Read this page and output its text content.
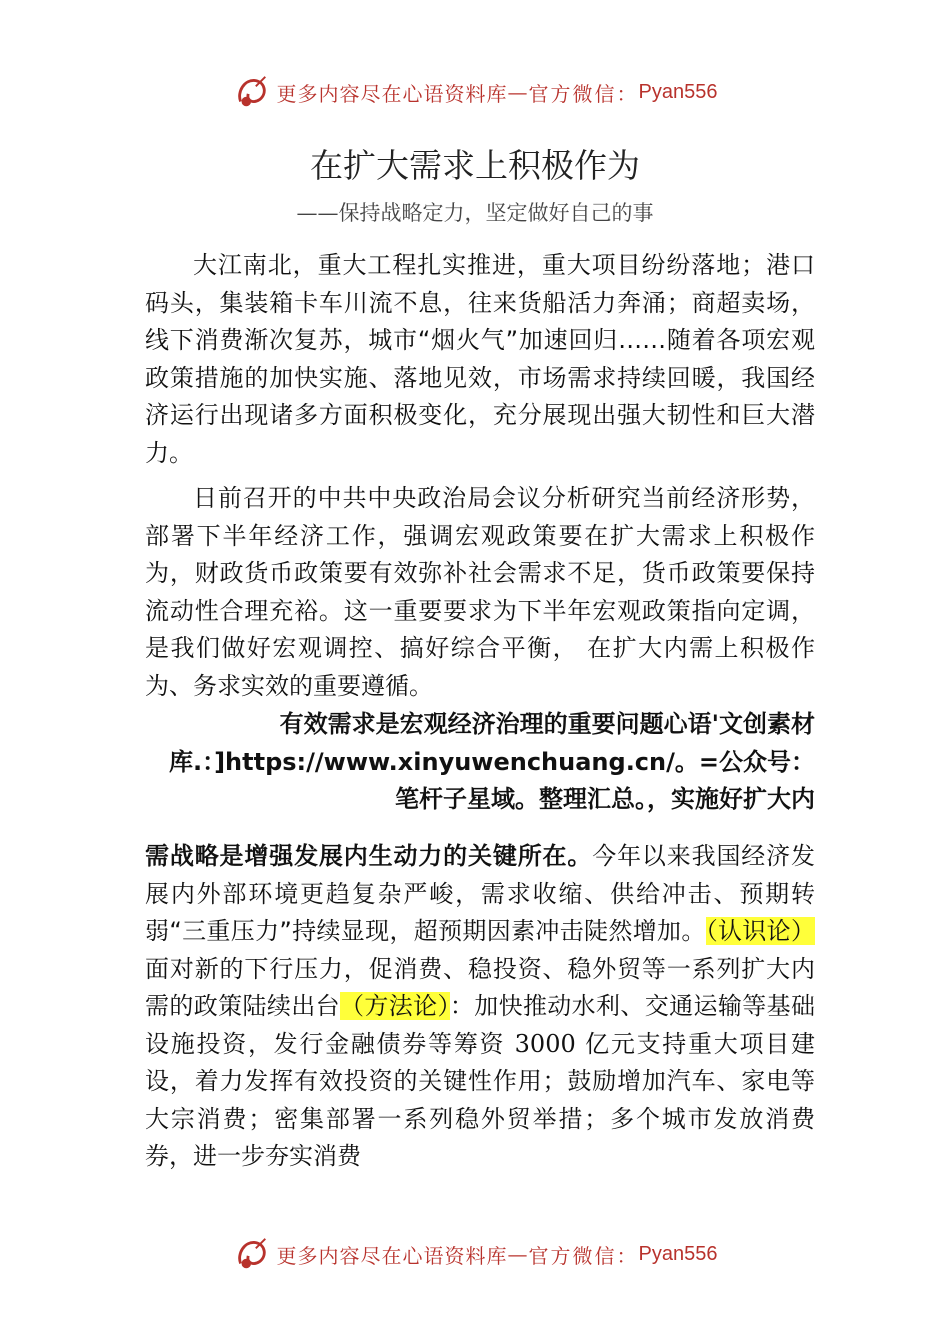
更多内容尽在心语资料库 — 官方微信： Pyan556
在扩大需求上积极作为
——保持战略定力，坚定做好自己的事

大江南北，重大工程扎实推进，重大项目纷纷落地；港口码头，集装箱卡车川流不息，往来货船活力奔涌；商超卖场，线下消费渐次复苏，城市“烟火气”加速回归……随着各项宏观政策措施的加快实施、落地见效，市场需求持续回暖，我国经济运行出现诸多方面积极变化，充分展现出强大韧性和巨大潜力。

日前召开的中共中央政治局会议分析研究当前经济形势，部署下半年经济工作，强调宏观政策要在扩大需求上积极作为，财政货币政策要有效弥补社会需求不足，货币政策要保持流动性合理充裕。这一重要要求为下半年宏观政策指向定调，是我们做好宏观调控、搞好综合平衡， 在扩大内需上积极作为、务求实效的重要遵循。

有效需求是宏观经济治理的重要问题心语'文创素材库.：]https://www.xinyuwenchuang.cn/。=公众号：笔杆子星域。整理汇总。，实施好扩大内

需战略是增强发展内生动力的关键所在。今年以来我国经济发展内外部环境更趋复杂严峻，需求收缩、供给冲击、预期转弱“三重压力”持续显现，超预期因素冲击陡然增加。（认识论）面对新的下行压力，促消费、稳投资、稳外贸等一系列扩大内需的政策陆续出台（方法论）：加快推动水利、交通运输等基础设施投资，发行金融债券等筹资 3000 亿元支持重大项目建设，着力发挥有效投资的关键性作用；鼓励增加汽车、家电等大宗消费；密集部署一系列稳外贸举措；多个城市发放消费券，进一步夯实消费

更多内容尽在心语资料库 — 官方微信： Pyan556
